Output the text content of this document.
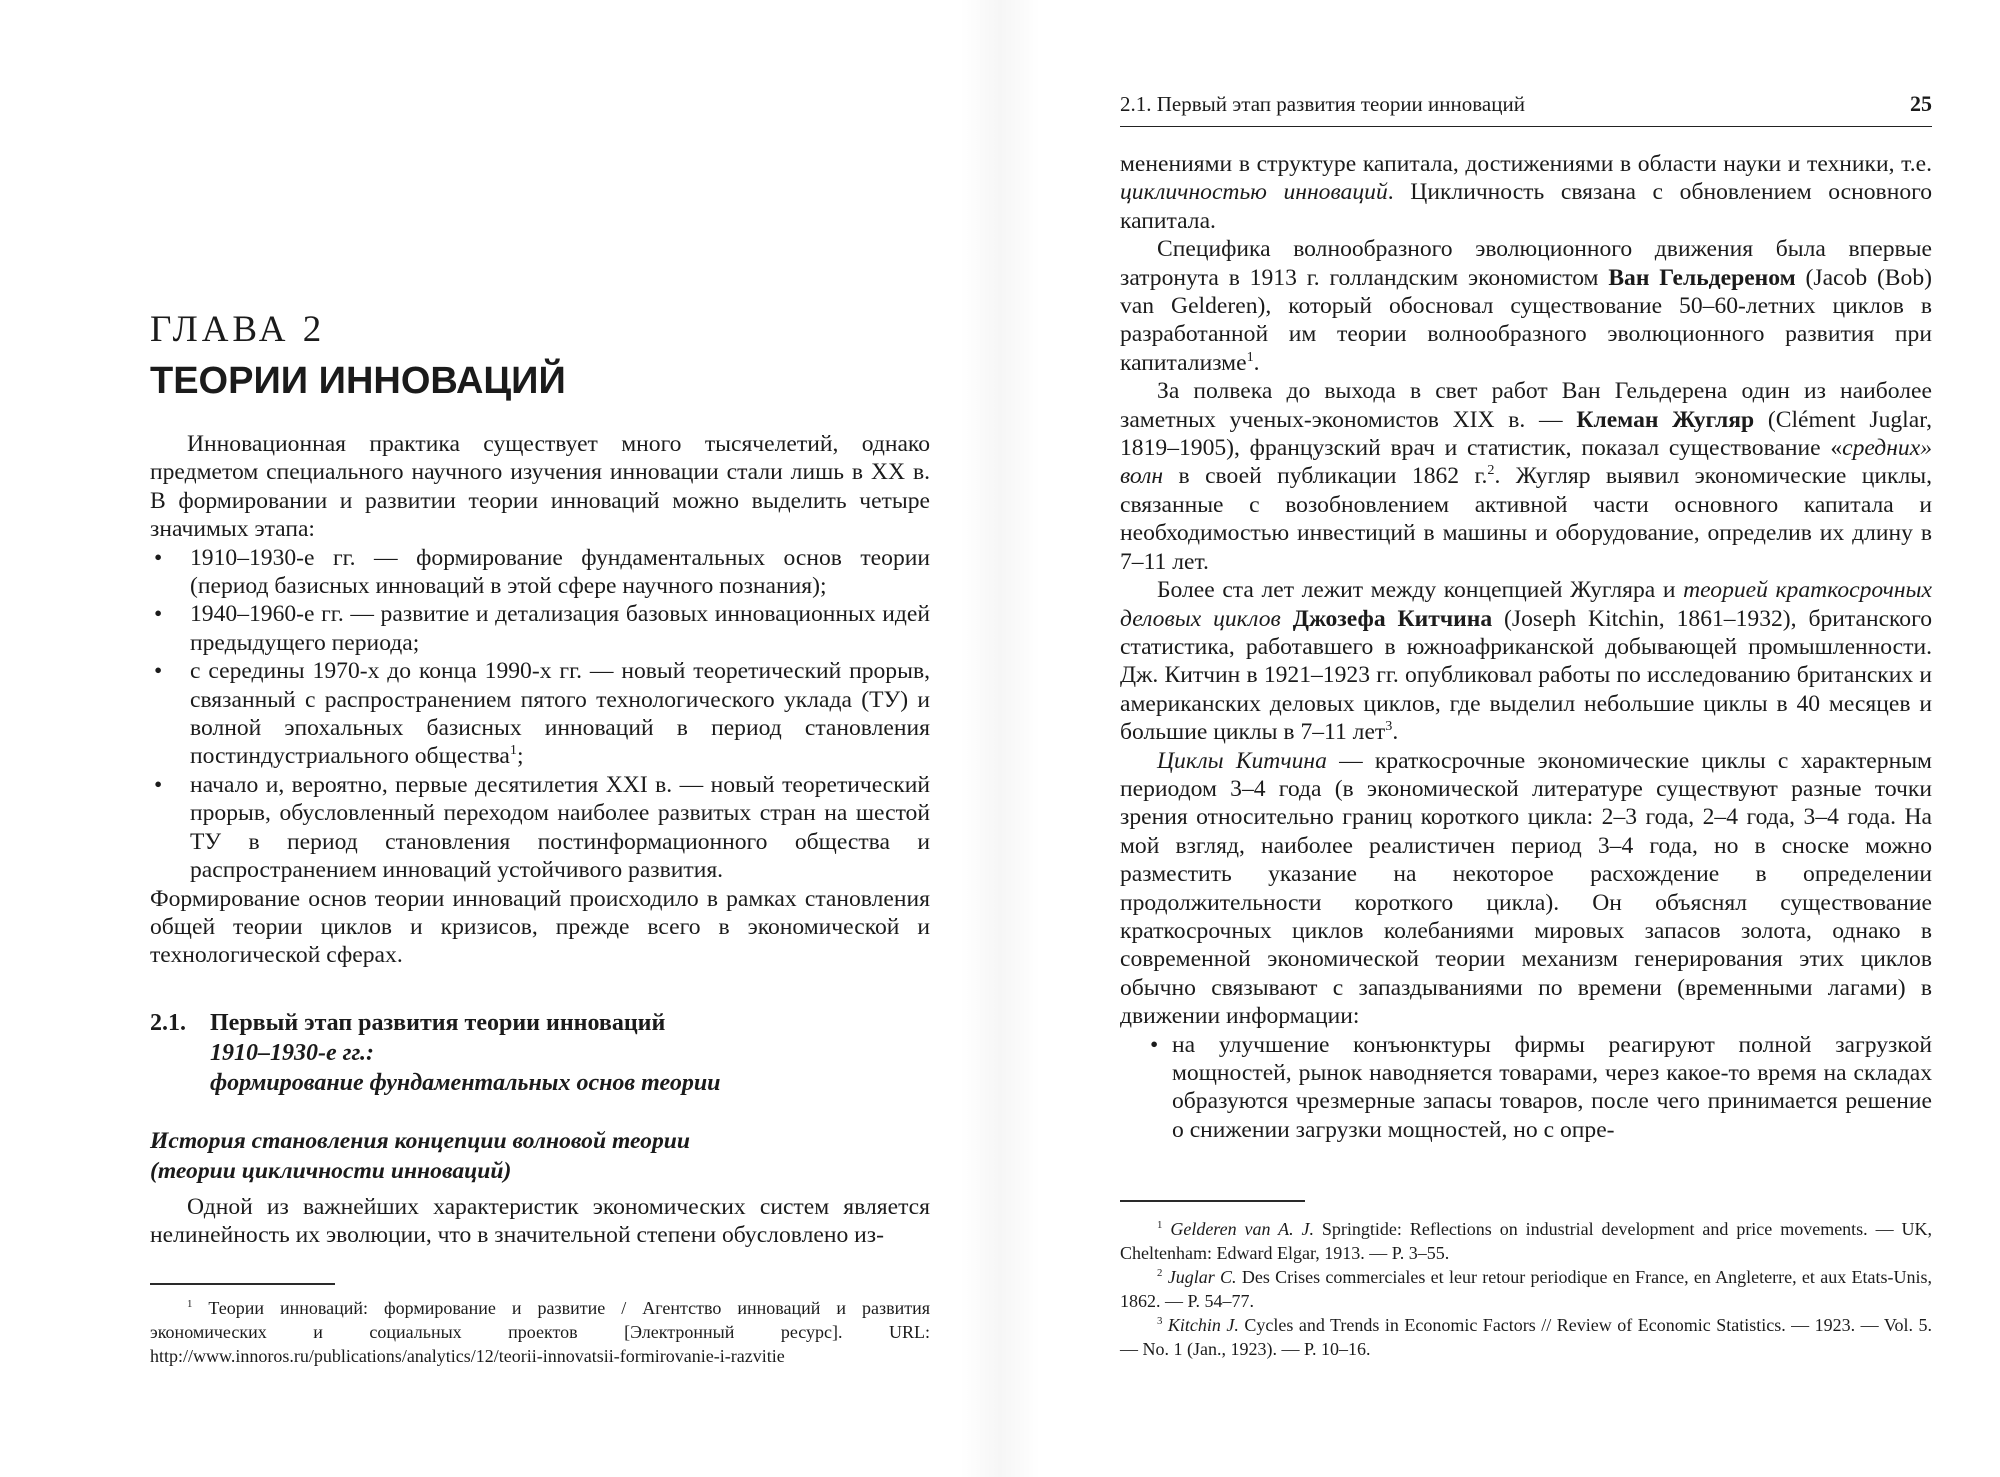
ГЛАВА 2
ТЕОРИИ ИННОВАЦИЙ

Инновационная практика существует много тысячелетий, однако предметом специального научного изучения инновации стали лишь в XX в. В формировании и развитии теории инноваций можно выделить четыре значимых этапа:

• 1910–1930-е гг. — формирование фундаментальных основ теории (период базисных инноваций в этой сфере научного познания);
• 1940–1960-е гг. — развитие и детализация базовых инновационных идей предыдущего периода;
• с середины 1970-х до конца 1990-х гг. — новый теоретический прорыв, связанный с распространением пятого технологического уклада (ТУ) и волной эпохальных базисных инноваций в период становления постиндустриального общества$^1$;
• начало и, вероятно, первые десятилетия XXI в. — новый теоретический прорыв, обусловленный переходом наиболее развитых стран на шестой ТУ в период становления постинформационного общества и распространением инноваций устойчивого развития.

Формирование основ теории инноваций происходило в рамках становления общей теории циклов и кризисов, прежде всего в экономической и технологической сферах.

2.1. Первый этап развития теории инноваций
1910–1930-е гг.:
формирование фундаментальных основ теории
История становления концепции волновой теории
(теории цикличности инноваций)

Одной из важнейших характеристик экономических систем является нелинейность их эволюции, что в значительной степени обусловлено из-

$^1$ Теории инноваций: формирование и развитие / Агентство инноваций и развития экономических и социальных проектов [Электронный ресурс]. URL: http://www.innoros.ru/publications/analytics/12/teorii-innovatsii-formirovanie-i-razvitie
2.1. Первый этап развития теории инноваций	25

менениями в структуре капитала, достижениями в области науки и техники, т.е. цикличностью инноваций. Цикличность связана с обновлением основного капитала.

Специфика волнообразного эволюционного движения была впервые затронута в 1913 г. голландским экономистом Ван Гельдереном (Jacob (Bob) van Gelderen), который обосновал существование 50–60-летних циклов в разработанной им теории волнообразного эволюционного развития при капитализме$^1$.

За полвека до выхода в свет работ Ван Гельдерена один из наиболее заметных ученых-экономистов XIX в. — Клеман Жугляр (Clément Juglar, 1819–1905), французский врач и статистик, показал существование «средних» волн в своей публикации 1862 г.$^2$. Жугляр выявил экономические циклы, связанные с возобновлением активной части основного капитала и необходимостью инвестиций в машины и оборудование, определив их длину в 7–11 лет.

Более ста лет лежит между концепцией Жугляра и теорией краткосрочных деловых циклов Джозефа Китчина (Joseph Kitchin, 1861–1932), британского статистика, работавшего в южноафриканской добывающей промышленности. Дж. Китчин в 1921–1923 гг. опубликовал работы по исследованию британских и американских деловых циклов, где выделил небольшие циклы в 40 месяцев и большие циклы в 7–11 лет$^3$.

Циклы Китчина — краткосрочные экономические циклы с характерным периодом 3–4 года (в экономической литературе существуют разные точки зрения относительно границ короткого цикла: 2–3 года, 2–4 года, 3–4 года. На мой взгляд, наиболее реалистичен период 3–4 года, но в сноске можно разместить указание на некоторое расхождение в определении продолжительности короткого цикла). Он объяснял существование краткосрочных циклов колебаниями мировых запасов золота, однако в современной экономической теории механизм генерирования этих циклов обычно связывают с запаздываниями по времени (временными лагами) в движении информации:

• на улучшение конъюнктуры фирмы реагируют полной загрузкой мощностей, рынок наводняется товарами, через какое-то время на складах образуются чрезмерные запасы товаров, после чего принимается решение о снижении загрузки мощностей, но с опре-
$^1$ Gelderen van A. J. Springtide: Reflections on industrial development and price movements. — UK, Cheltenham: Edward Elgar, 1913. — P. 3–55.
$^2$ Juglar C. Des Crises commerciales et leur retour periodique en France, en Angleterre, et aux Etats-Unis, 1862. — P. 54–77.
$^3$ Kitchin J. Cycles and Trends in Economic Factors // Review of Economic Statistics. — 1923. — Vol. 5. — No. 1 (Jan., 1923). — P. 10–16.
